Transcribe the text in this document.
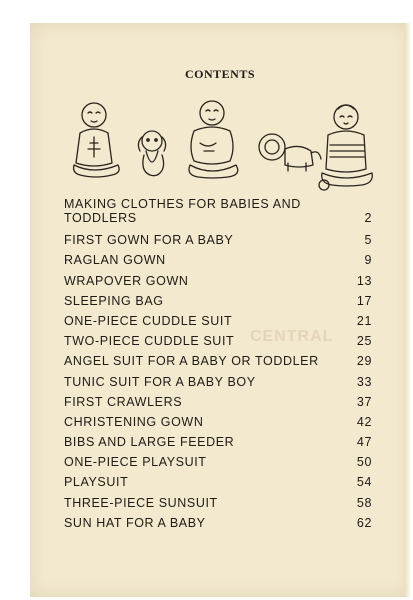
CENTRAL
CONTENTS
MAKING CLOTHES FOR BABIES AND TODDLERS	2
FIRST GOWN FOR A BABY	5
RAGLAN GOWN	9
WRAPOVER GOWN	13
SLEEPING BAG	17
ONE-PIECE CUDDLE SUIT	21
TWO-PIECE CUDDLE SUIT	25
ANGEL SUIT FOR A BABY OR TODDLER	29
TUNIC SUIT FOR A BABY BOY	33
FIRST CRAWLERS	37
CHRISTENING GOWN	42
BIBS AND LARGE FEEDER	47
ONE-PIECE PLAYSUIT	50
PLAYSUIT	54
THREE-PIECE SUNSUIT	58
SUN HAT FOR A BABY	62
